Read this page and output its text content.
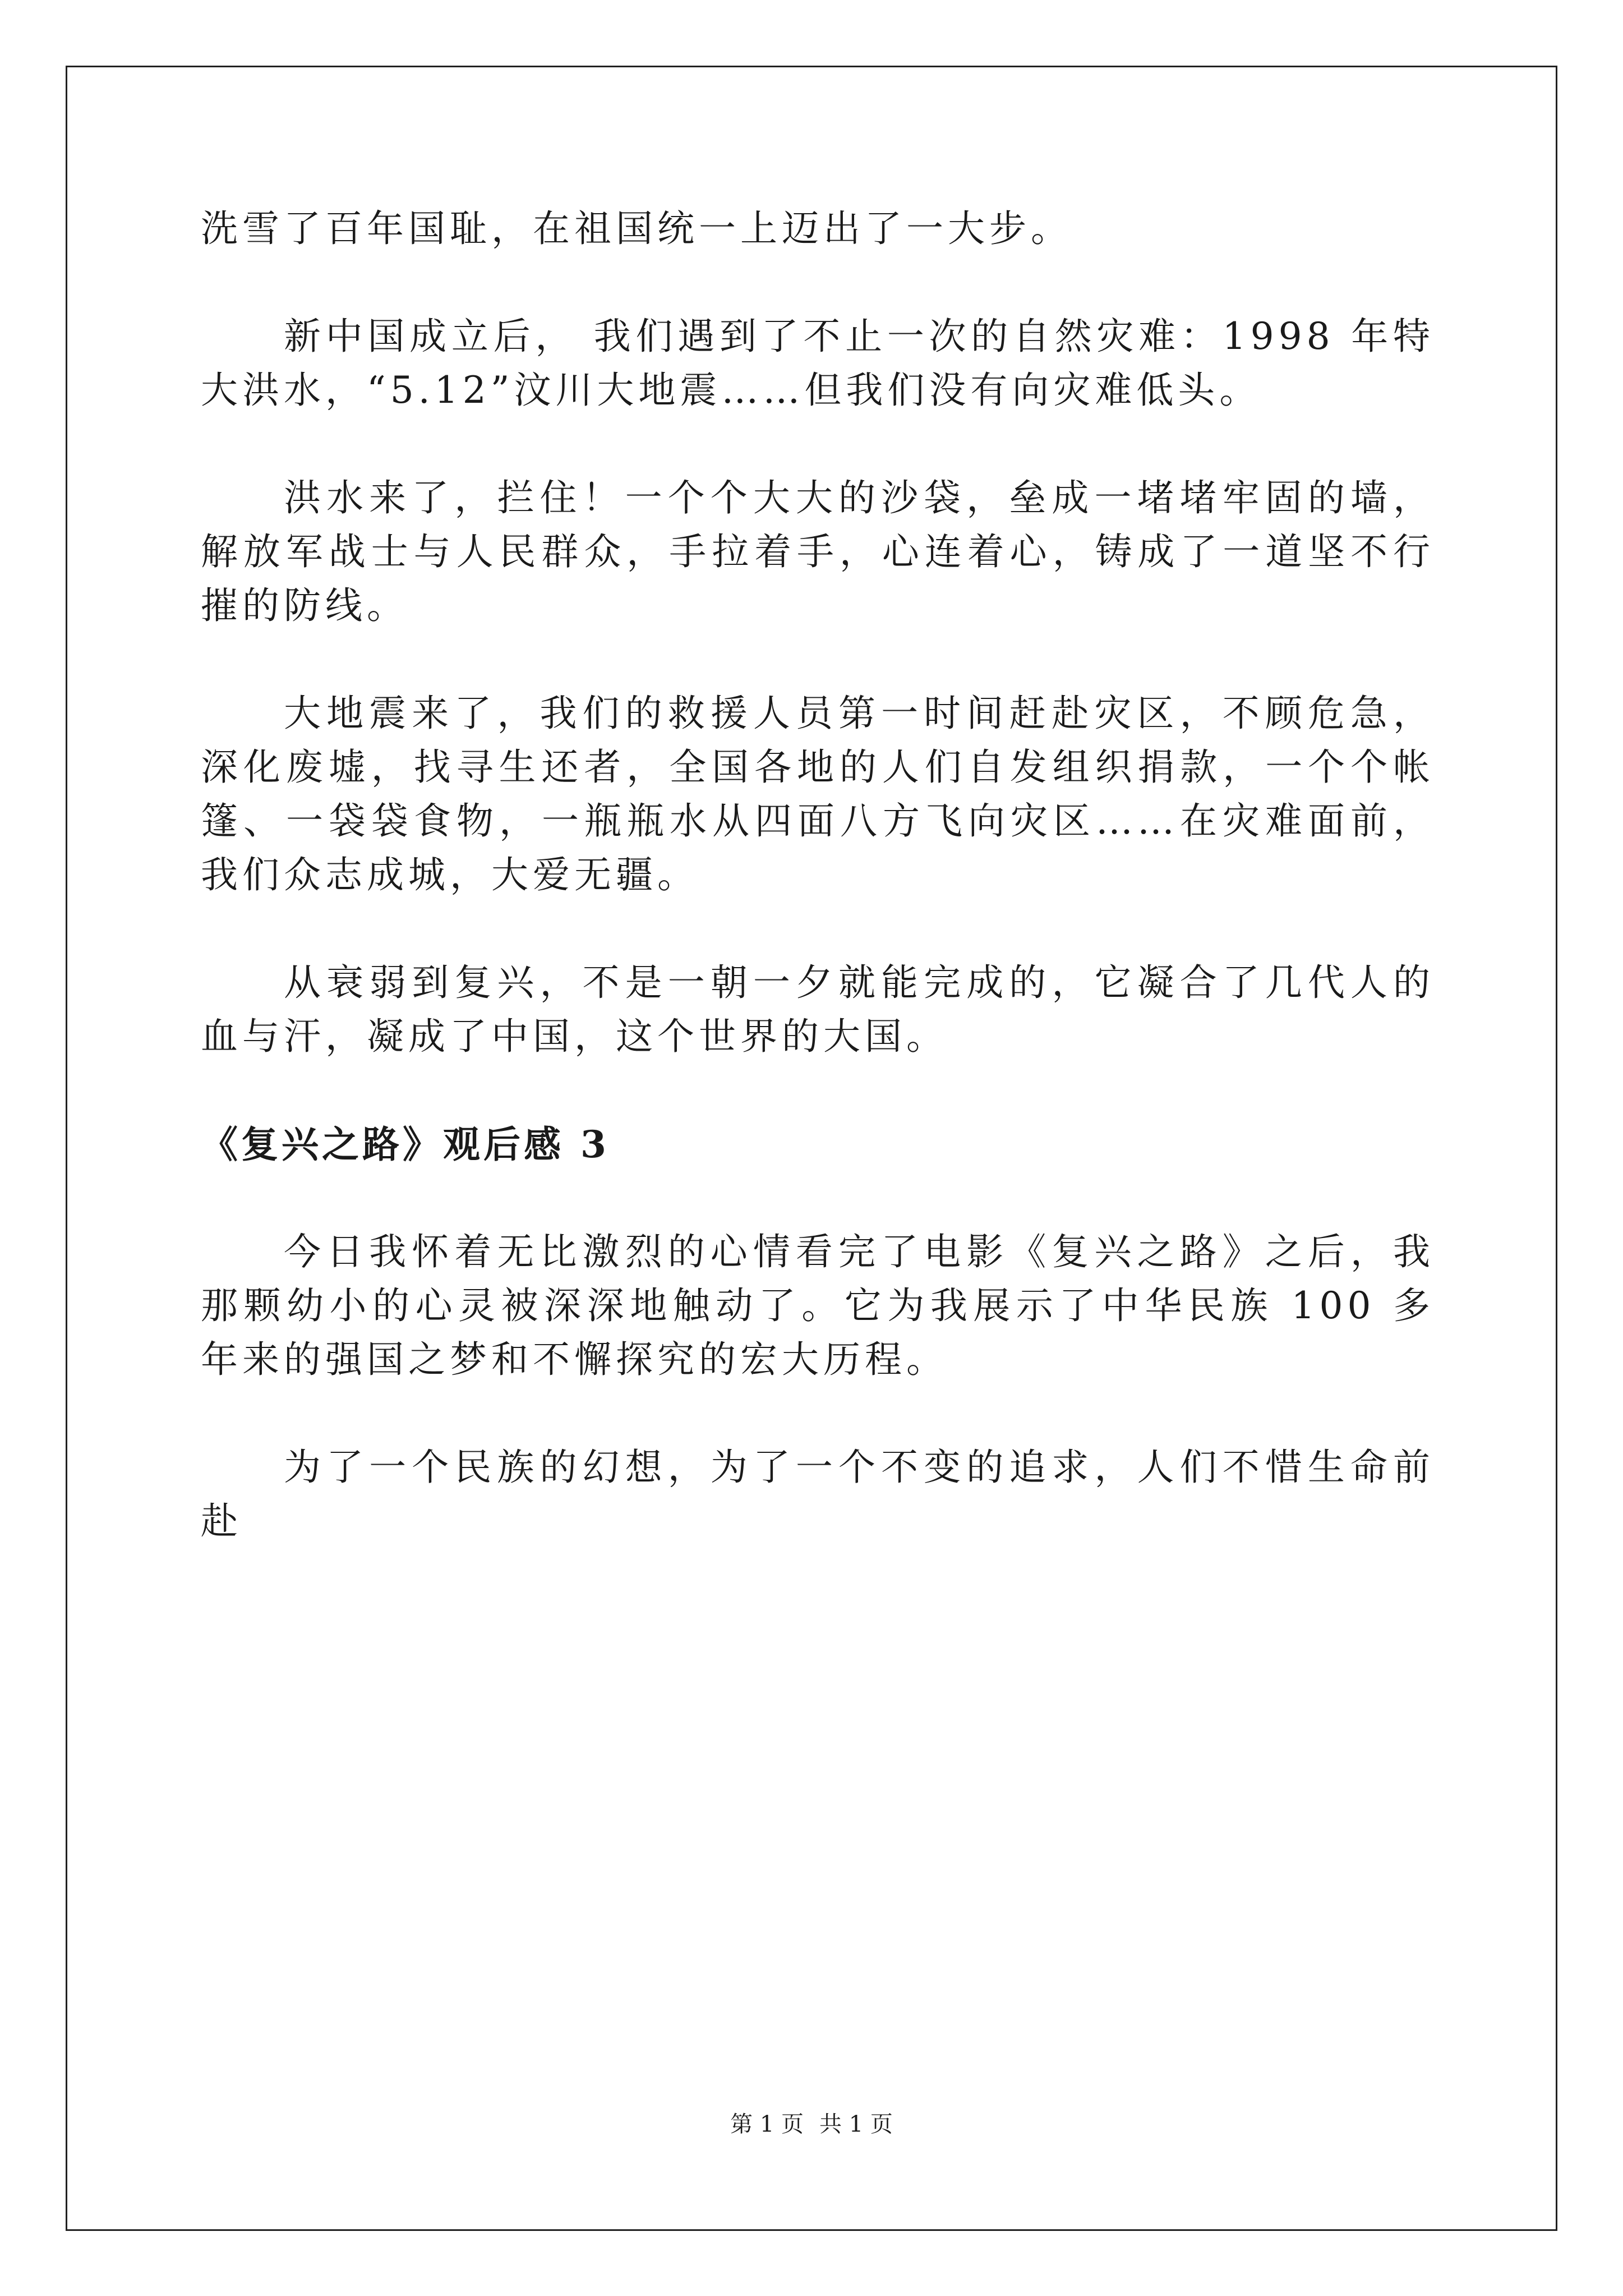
洗雪了百年国耻，在祖国统一上迈出了一大步。

新中国成立后， 我们遇到了不止一次的自然灾难：1998 年特大洪水，“5.12”汶川大地震……但我们没有向灾难低头。

洪水来了，拦住！一个个大大的沙袋，垒成一堵堵牢固的墙，解放军战士与人民群众，手拉着手，心连着心，铸成了一道坚不行摧的防线。

大地震来了，我们的救援人员第一时间赶赴灾区，不顾危急，深化废墟，找寻生还者，全国各地的人们自发组织捐款，一个个帐篷、一袋袋食物，一瓶瓶水从四面八方飞向灾区……在灾难面前，我们众志成城，大爱无疆。

从衰弱到复兴，不是一朝一夕就能完成的，它凝合了几代人的血与汗，凝成了中国，这个世界的大国。

《复兴之路》观后感 3

今日我怀着无比激烈的心情看完了电影《复兴之路》之后，我那颗幼小的心灵被深深地触动了。它为我展示了中华民族 100 多年来的强国之梦和不懈探究的宏大历程。

为了一个民族的幻想，为了一个不变的追求，人们不惜生命前赴

第 1 页 共 1 页
